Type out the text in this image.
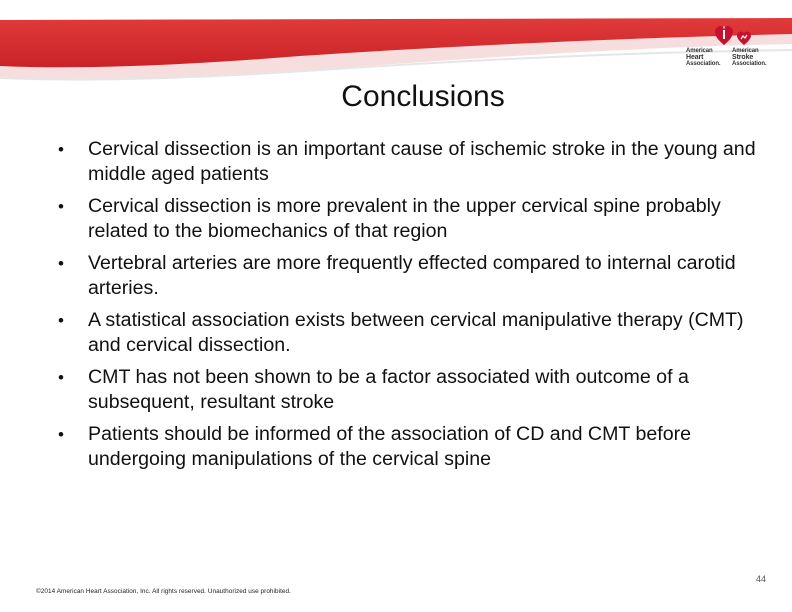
American
Heart
Association.
American
Stroke
Association.
Conclusions
• Cervical dissection is an important cause of ischemic stroke in the young and middle aged patients
• Cervical dissection is more prevalent in the upper cervical spine probably related to the biomechanics of that region
• Vertebral arteries are more frequently effected compared to internal carotid arteries.
• A statistical association exists between cervical manipulative therapy (CMT) and cervical dissection.
• CMT has not been shown to be a factor associated with outcome of a subsequent, resultant stroke
• Patients should be informed of the association of CD and CMT before undergoing manipulations of the cervical spine
44
©2014 American Heart Association, Inc. All rights reserved. Unauthorized use prohibited.
